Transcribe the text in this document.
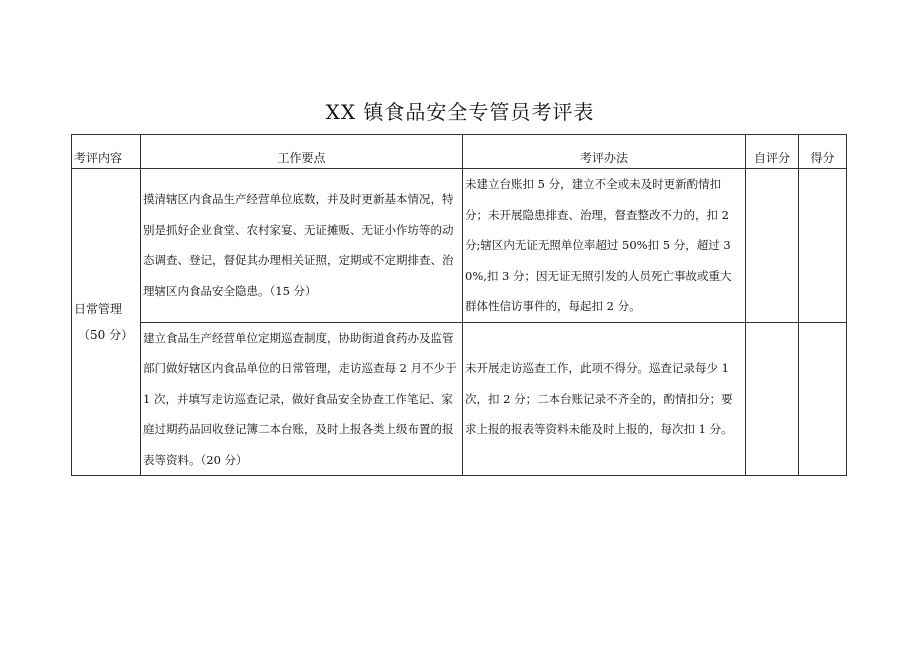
XX 镇食品安全专管员考评表
考评内容	工作要点	考评办法	自评分	得分

日常管理
（50 分）	摸清辖区内食品生产经营单位底数，并及时更新基本情况，特别是抓好企业食堂、农村家宴、无证摊贩、无证小作坊等的动态调查、登记，督促其办理相关证照，定期或不定期排查、治理辖区内食品安全隐患。（15 分）	未建立台账扣 5 分，建立不全或未及时更新酌情扣分；未开展隐患排查、治理，督查整改不力的，扣 2 分;辖区内无证无照单位率超过 50%扣 5 分，超过 30%,扣 3 分；因无证无照引发的人员死亡事故或重大群体性信访事件的，每起扣 2 分。		

	建立食品生产经营单位定期巡查制度，协助街道食药办及监管部门做好辖区内食品单位的日常管理，走访巡查每 2 月不少于 1 次，并填写走访巡查记录，做好食品安全协查工作笔记、家庭过期药品回收登记簿二本台账，及时上报各类上级布置的报表等资料。（20 分）	未开展走访巡查工作，此项不得分。巡查记录每少 1 次，扣 2 分；二本台账记录不齐全的，酌情扣分；要求上报的报表等资料未能及时上报的，每次扣 1 分。		
